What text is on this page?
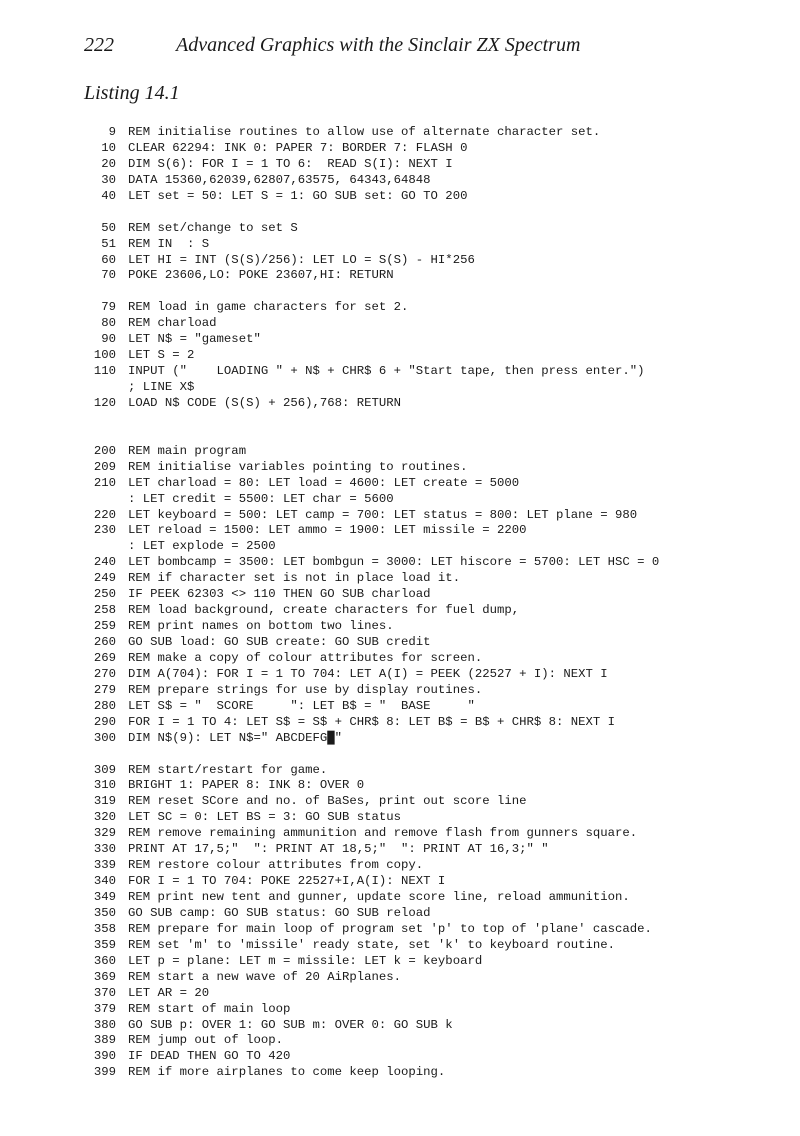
222	Advanced Graphics with the Sinclair ZX Spectrum
Listing 14.1
9 REM initialise routines to allow use of alternate character set.
10 CLEAR 62294: INK 0: PAPER 7: BORDER 7: FLASH 0
20 DIM S(6): FOR I = 1 TO 6:  READ S(I): NEXT I
30 DATA 15360,62039,62807,63575, 64343,64848
40 LET set = 50: LET S = 1: GO SUB set: GO TO 200
50 REM set/change to set S
51 REM IN  : S
60 LET HI = INT (S(S)/256): LET LO = S(S) - HI*256
70 POKE 23606,LO: POKE 23607,HI: RETURN
79 REM load in game characters for set 2.
80 REM charload
90 LET N$ = "gameset"
100 LET S = 2
110 INPUT ("    LOADING " + N$ + CHR$ 6 + "Start tape, then press enter.")
; LINE X$
120 LOAD N$ CODE (S(S) + 256),768: RETURN
200 REM main program
209 REM initialise variables pointing to routines.
210 LET charload = 80: LET load = 4600: LET create = 5000
: LET credit = 5500: LET char = 5600
220 LET keyboard = 500: LET camp = 700: LET status = 800: LET plane = 980
230 LET reload = 1500: LET ammo = 1900: LET missile = 2200
: LET explode = 2500
240 LET bombcamp = 3500: LET bombgun = 3000: LET hiscore = 5700: LET HSC = 0
249 REM if character set is not in place load it.
250 IF PEEK 62303 <> 110 THEN GO SUB charload
258 REM load background, create characters for fuel dump,
259 REM print names on bottom two lines.
260 GO SUB load: GO SUB create: GO SUB credit
269 REM make a copy of colour attributes for screen.
270 DIM A(704): FOR I = 1 TO 704: LET A(I) = PEEK (22527 + I): NEXT I
279 REM prepare strings for use by display routines.
280 LET S$ = "  SCORE     ": LET B$ = "  BASE     "
290 FOR I = 1 TO 4: LET S$ = S$ + CHR$ 8: LET B$ = B$ + CHR$ 8: NEXT I
300 DIM N$(9): LET N$=" ABCDEFG█"
309 REM start/restart for game.
310 BRIGHT 1: PAPER 8: INK 8: OVER 0
319 REM reset SCore and no. of BaSes, print out score line
320 LET SC = 0: LET BS = 3: GO SUB status
329 REM remove remaining ammunition and remove flash from gunners square.
330 PRINT AT 17,5;"  ": PRINT AT 18,5;"  ": PRINT AT 16,3;" "
339 REM restore colour attributes from copy.
340 FOR I = 1 TO 704: POKE 22527+I,A(I): NEXT I
349 REM print new tent and gunner, update score line, reload ammunition.
350 GO SUB camp: GO SUB status: GO SUB reload
358 REM prepare for main loop of program set 'p' to top of 'plane' cascade.
359 REM set 'm' to 'missile' ready state, set 'k' to keyboard routine.
360 LET p = plane: LET m = missile: LET k = keyboard
369 REM start a new wave of 20 AiRplanes.
370 LET AR = 20
379 REM start of main loop
380 GO SUB p: OVER 1: GO SUB m: OVER 0: GO SUB k
389 REM jump out of loop.
390 IF DEAD THEN GO TO 420
399 REM if more airplanes to come keep looping.
